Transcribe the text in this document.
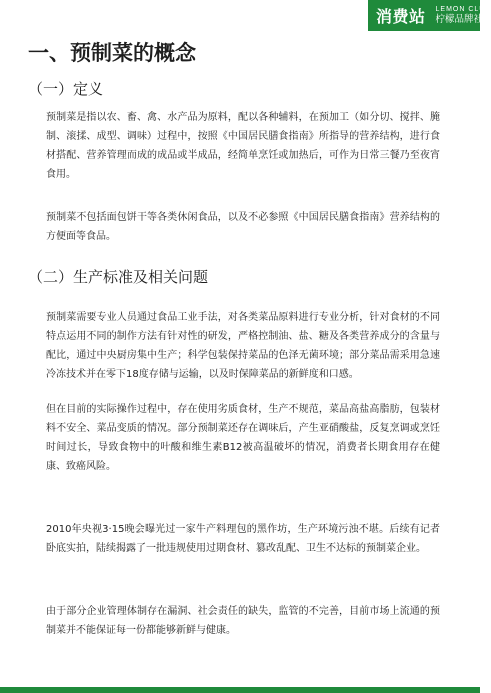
消费站 LEMON CLUB
柠檬品牌社
一、预制菜的概念
（一）定义

预制菜是指以农、畜、禽、水产品为原料，配以各种辅料，在预加工（如分切、搅拌、腌制、滚揉、成型、调味）过程中，按照《中国居民膳食指南》所指导的营养结构，进行食材搭配、营养管理而成的成品或半成品，经简单烹饪或加热后，可作为日常三餐乃至夜宵食用。

预制菜不包括面包饼干等各类休闲食品，以及不必参照《中国居民膳食指南》营养结构的方便面等食品。

（二）生产标准及相关问题

预制菜需要专业人员通过食品工业手法，对各类菜品原料进行专业分析，针对食材的不同特点运用不同的制作方法有针对性的研发，严格控制油、盐、糖及各类营养成分的含量与配比，通过中央厨房集中生产；科学包装保持菜品的色泽无菌环境；部分菜品需采用急速冷冻技术并在零下18度存储与运输，以及时保障菜品的新鲜度和口感。

但在目前的实际操作过程中，存在使用劣质食材，生产不规范，菜品高盐高脂肪，包装材料不安全、菜品变质的情况。部分预制菜还存在调味后，产生亚硝酸盐，反复烹调或烹饪时间过长，导致食物中的叶酸和维生素B12被高温破坏的情况，消费者长期食用存在健康、致癌风险。

2010年央视3·15晚会曝光过一家牛产料理包的黑作坊，生产环境污浊不堪。后续有记者卧底实拍，陆续揭露了一批违规使用过期食材、篡改乱配、卫生不达标的预制菜企业。

由于部分企业管理体制存在漏洞、社会责任的缺失，监管的不完善，目前市场上流通的预制菜并不能保证每一份都能够新鲜与健康。
